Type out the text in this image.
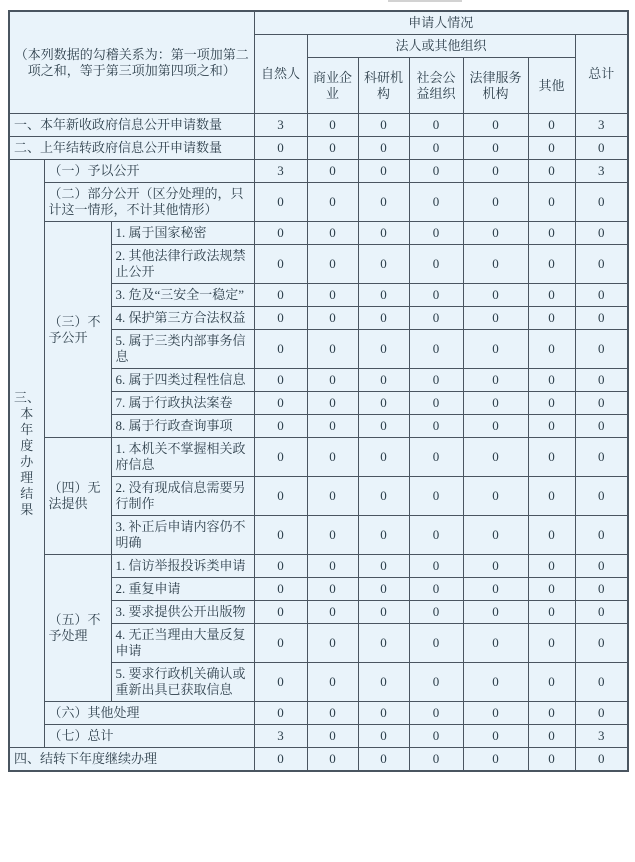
（本列数据的勾稽关系为：第一项加第二项之和，等于第三项加第四项之和）			申请人情况						
			自然人	法人或其他组织					总计
				商业企业	科研机构	社会公益组织	法律服务机构	其他	
一、本年新收政府信息公开申请数量			3	0	0	0	0	0	3
二、上年结转政府信息公开申请数量			0	0	0	0	0	0	0
三、本年度办理结果	（一）予以公开		3	0	0	0	0	0	3
	（二）部分公开（区分处理的，只计这一情形，不计其他情形）		0	0	0	0	0	0	0
	（三）不予公开	1. 属于国家秘密	0	0	0	0	0	0	0
		2. 其他法律行政法规禁止公开	0	0	0	0	0	0	0
		3. 危及“三安全一稳定”	0	0	0	0	0	0	0
		4. 保护第三方合法权益	0	0	0	0	0	0	0
		5. 属于三类内部事务信息	0	0	0	0	0	0	0
		6. 属于四类过程性信息	0	0	0	0	0	0	0
		7. 属于行政执法案卷	0	0	0	0	0	0	0
		8. 属于行政查询事项	0	0	0	0	0	0	0
	（四）无法提供	1. 本机关不掌握相关政府信息	0	0	0	0	0	0	0
		2. 没有现成信息需要另行制作	0	0	0	0	0	0	0
		3. 补正后申请内容仍不明确	0	0	0	0	0	0	0
	（五）不予处理	1. 信访举报投诉类申请	0	0	0	0	0	0	0
		2. 重复申请	0	0	0	0	0	0	0
		3. 要求提供公开出版物	0	0	0	0	0	0	0
		4. 无正当理由大量反复申请	0	0	0	0	0	0	0
		5. 要求行政机关确认或重新出具已获取信息	0	0	0	0	0	0	0
	（六）其他处理		0	0	0	0	0	0	0
	（七）总计		3	0	0	0	0	0	3
四、结转下年度继续办理			0	0	0	0	0	0	0
